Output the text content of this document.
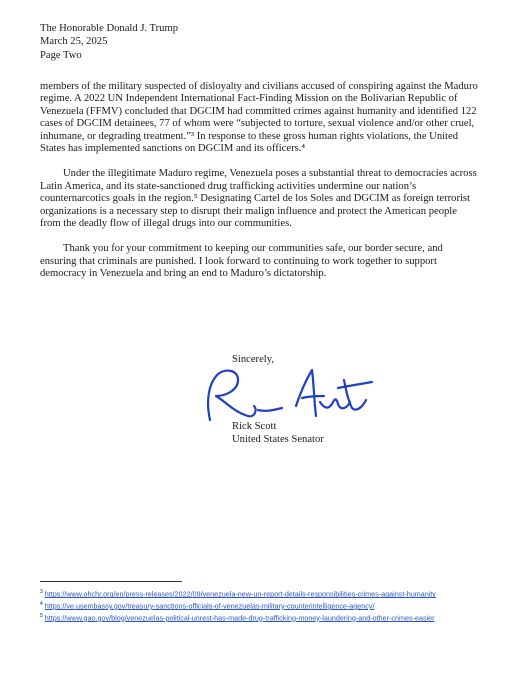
The Honorable Donald J. Trump
March 25, 2025
Page Two

members of the military suspected of disloyalty and civilians accused of conspiring against the Maduro regime. A 2022 UN Independent International Fact-Finding Mission on the Bolivarian Republic of Venezuela (FFMV) concluded that DGCIM had committed crimes against humanity and identified 122 cases of DGCIM detainees, 77 of whom were “subjected to torture, sexual violence and/or other cruel, inhumane, or degrading treatment.”³ In response to these gross human rights violations, the United States has implemented sanctions on DGCIM and its officers.⁴

Under the illegitimate Maduro regime, Venezuela poses a substantial threat to democracies across Latin America, and its state-sanctioned drug trafficking activities undermine our nation’s counternarcotics goals in the region.⁵ Designating Cartel de los Soles and DGCIM as foreign terrorist organizations is a necessary step to disrupt their malign influence and protect the American people from the deadly flow of illegal drugs into our communities.

Thank you for your commitment to keeping our communities safe, our border secure, and ensuring that criminals are punished. I look forward to continuing to work together to support democracy in Venezuela and bring an end to Maduro’s dictatorship.

Sincerely,
Rick Scott
United States Senator
$^3$ https://www.ohchr.org/en/press-releases/2022/09/venezuela-new-un-report-details-responsibilities-crimes-against-humanity
$^4$ https://ve.usembassy.gov/treasury-sanctions-officials-of-venezuelas-military-counterintelligence-agency/
$^5$ https://www.gao.gov/blog/venezuelas-political-unrest-has-made-drug-trafficking-money-laundering-and-other-crimes-easier
